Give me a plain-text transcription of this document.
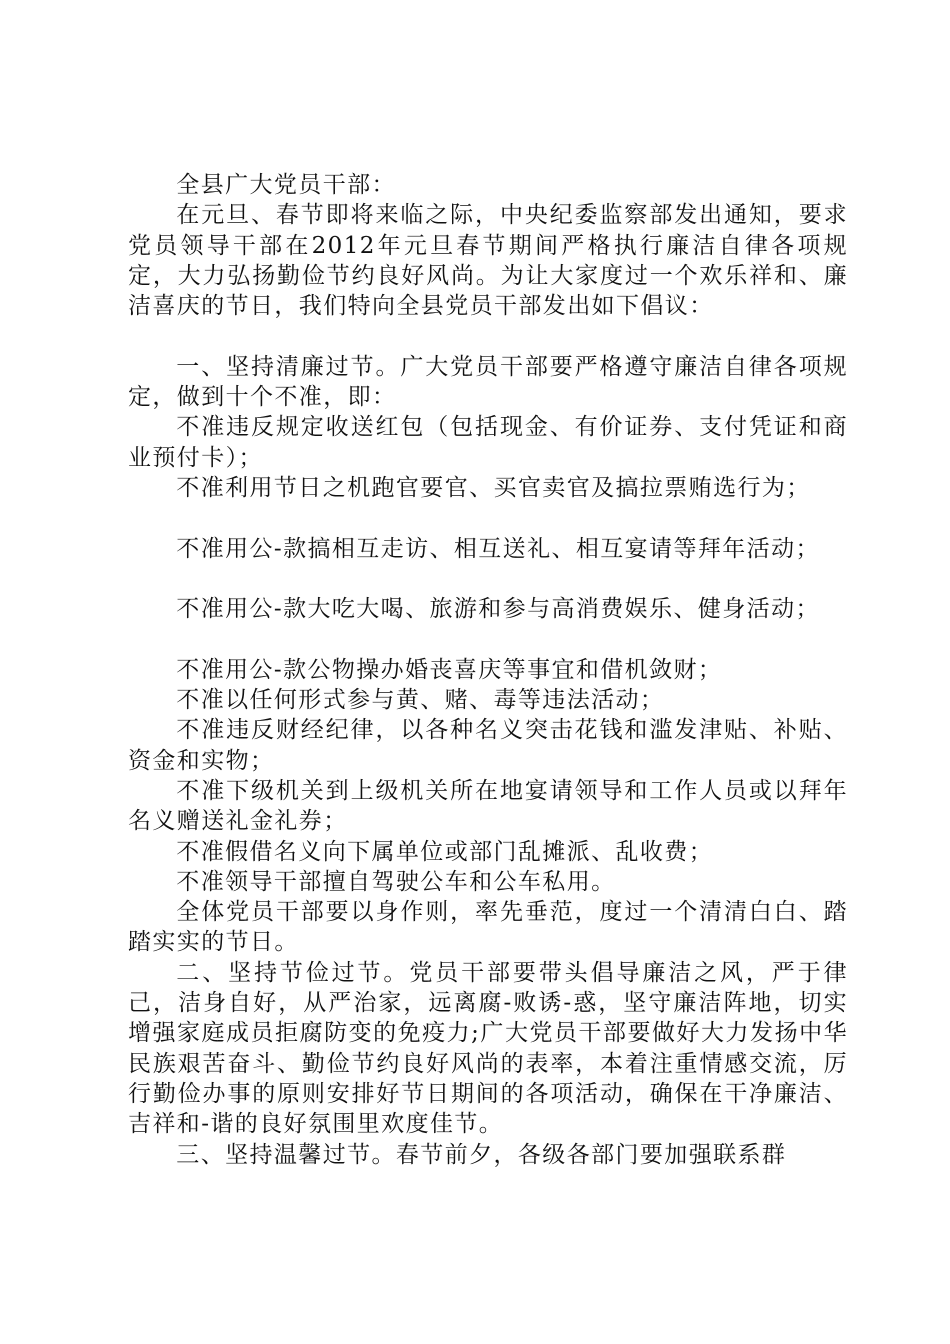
全县广大党员干部：

在元旦、春节即将来临之际，中央纪委监察部发出通知，要求党员领导干部在2012年元旦春节期间严格执行廉洁自律各项规定，大力弘扬勤俭节约良好风尚。为让大家度过一个欢乐祥和、廉洁喜庆的节日，我们特向全县党员干部发出如下倡议：

一、坚持清廉过节。广大党员干部要严格遵守廉洁自律各项规定，做到十个不准，即：

不准违反规定收送红包（包括现金、有价证券、支付凭证和商业预付卡）；

不准利用节日之机跑官要官、买官卖官及搞拉票贿选行为；

不准用公-款搞相互走访、相互送礼、相互宴请等拜年活动；

不准用公-款大吃大喝、旅游和参与高消费娱乐、健身活动；

不准用公-款公物操办婚丧喜庆等事宜和借机敛财；

不准以任何形式参与黄、赌、毒等违法活动；

不准违反财经纪律，以各种名义突击花钱和滥发津贴、补贴、资金和实物；

不准下级机关到上级机关所在地宴请领导和工作人员或以拜年名义赠送礼金礼券；

不准假借名义向下属单位或部门乱摊派、乱收费；

不准领导干部擅自驾驶公车和公车私用。

全体党员干部要以身作则，率先垂范，度过一个清清白白、踏踏实实的节日。

二、坚持节俭过节。党员干部要带头倡导廉洁之风，严于律己，洁身自好，从严治家，远离腐-败诱-惑，坚守廉洁阵地，切实增强家庭成员拒腐防变的免疫力;广大党员干部要做好大力发扬中华民族艰苦奋斗、勤俭节约良好风尚的表率，本着注重情感交流，厉行勤俭办事的原则安排好节日期间的各项活动，确保在干净廉洁、吉祥和-谐的良好氛围里欢度佳节。

三、坚持温馨过节。春节前夕，各级各部门要加强联系群
